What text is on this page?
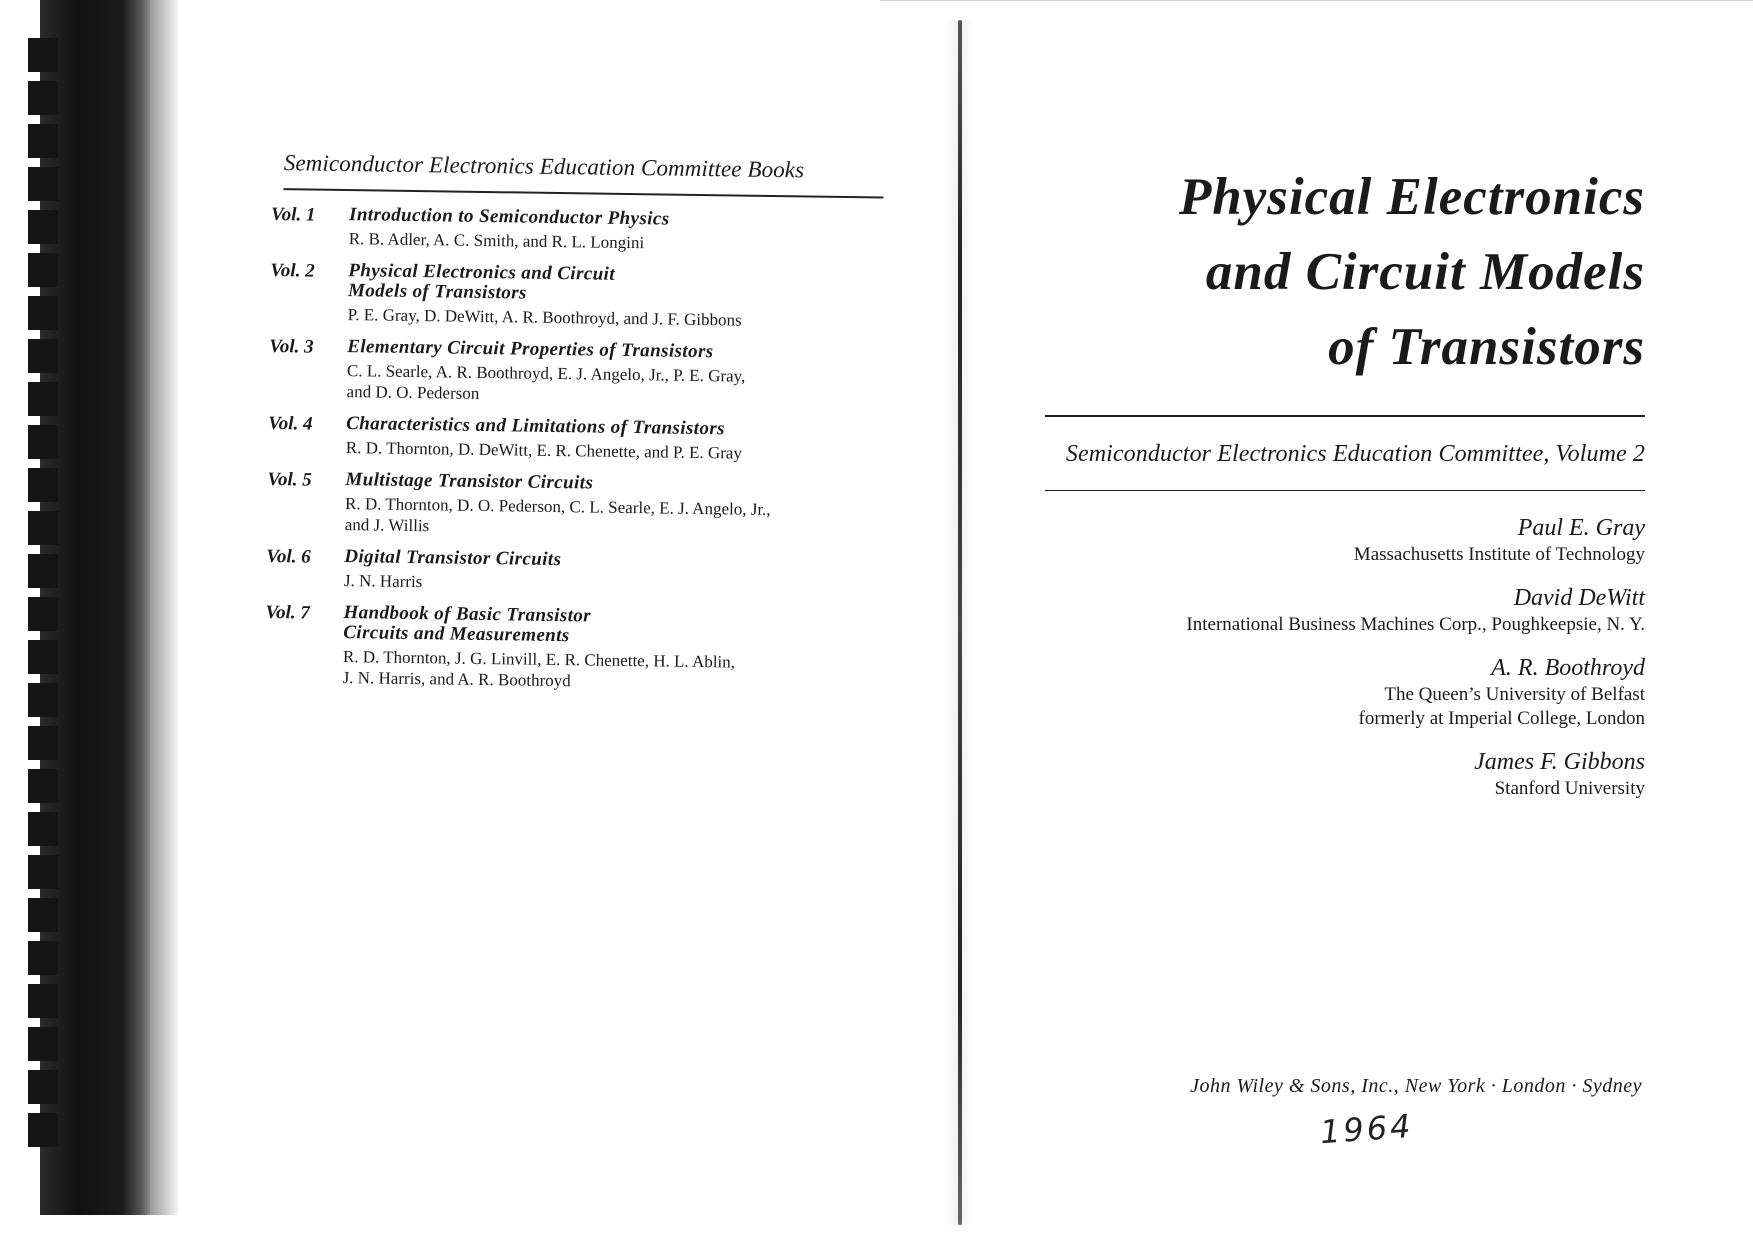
Semiconductor Electronics Education Committee Books
Vol. 1	Introduction to Semiconductor Physics
R. B. Adler, A. C. Smith, and R. L. Longini
Vol. 2	Physical Electronics and Circuit
Models of Transistors
P. E. Gray, D. DeWitt, A. R. Boothroyd, and J. F. Gibbons
Vol. 3	Elementary Circuit Properties of Transistors
C. L. Searle, A. R. Boothroyd, E. J. Angelo, Jr., P. E. Gray,
and D. O. Pederson
Vol. 4	Characteristics and Limitations of Transistors
R. D. Thornton, D. DeWitt, E. R. Chenette, and P. E. Gray
Vol. 5	Multistage Transistor Circuits
R. D. Thornton, D. O. Pederson, C. L. Searle, E. J. Angelo, Jr.,
and J. Willis
Vol. 6	Digital Transistor Circuits
J. N. Harris
Vol. 7	Handbook of Basic Transistor
Circuits and Measurements
R. D. Thornton, J. G. Linvill, E. R. Chenette, H. L. Ablin,
J. N. Harris, and A. R. Boothroyd
Physical Electronics
and Circuit Models
of Transistors
Semiconductor Electronics Education Committee, Volume 2
Paul E. Gray
Massachusetts Institute of Technology
David DeWitt
International Business Machines Corp., Poughkeepsie, N. Y.
A. R. Boothroyd
The Queen’s University of Belfast
formerly at Imperial College, London
James F. Gibbons
Stanford University
John Wiley & Sons, Inc., New York · London · Sydney
1964
